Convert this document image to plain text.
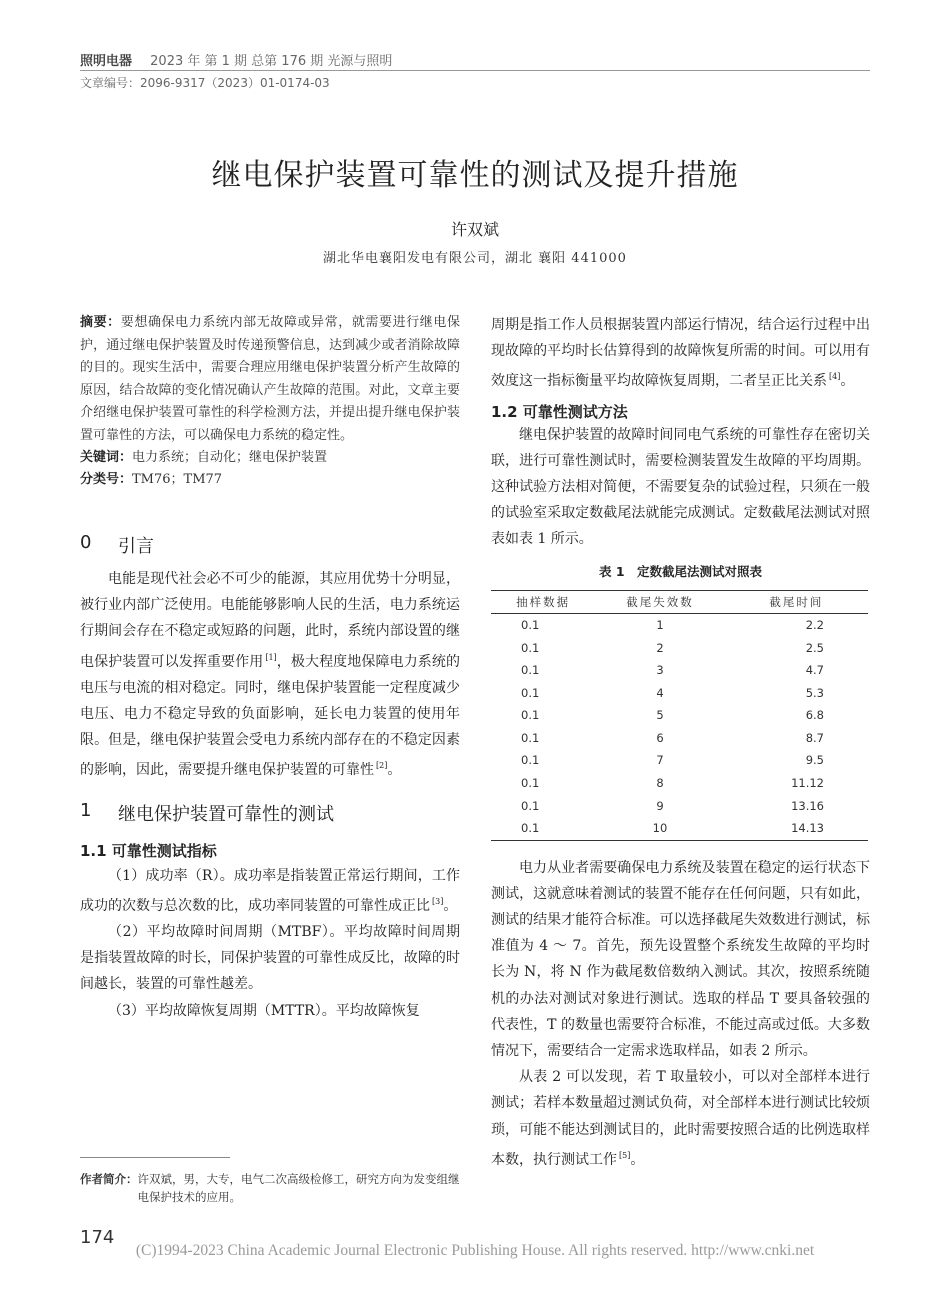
照明电器 2023 年 第 1 期 总第 176 期 光源与照明
文章编号：2096-9317（2023）01-0174-03
继电保护装置可靠性的测试及提升措施
许双斌
湖北华电襄阳发电有限公司，湖北 襄阳 441000
摘要：要想确保电力系统内部无故障或异常，就需要进行继电保护，通过继电保护装置及时传递预警信息，达到减少或者消除故障的目的。现实生活中，需要合理应用继电保护装置分析产生故障的原因，结合故障的变化情况确认产生故障的范围。对此，文章主要介绍继电保护装置可靠性的科学检测方法，并提出提升继电保护装置可靠性的方法，可以确保电力系统的稳定性。
关键词：电力系统；自动化；继电保护装置
分类号：TM76；TM77
0	引言

电能是现代社会必不可少的能源，其应用优势十分明显，被行业内部广泛使用。电能能够影响人民的生活，电力系统运行期间会存在不稳定或短路的问题，此时，系统内部设置的继电保护装置可以发挥重要作用 [1]，极大程度地保障电力系统的电压与电流的相对稳定。同时，继电保护装置能一定程度减少电压、电力不稳定导致的负面影响，延长电力装置的使用年限。但是，继电保护装置会受电力系统内部存在的不稳定因素的影响，因此，需要提升继电保护装置的可靠性 [2]。

1	继电保护装置可靠性的测试
1.1 可靠性测试指标

（1）成功率（R）。成功率是指装置正常运行期间，工作成功的次数与总次数的比，成功率同装置的可靠性成正比 [3]。

（2）平均故障时间周期（MTBF）。平均故障时间周期是指装置故障的时长，同保护装置的可靠性成反比，故障的时间越长，装置的可靠性越差。

（3）平均故障恢复周期（MTTR）。平均故障恢复

作者简介： 许双斌，男，大专，电气二次高级检修工，研究方向为发变组继电保护技术的应用。

周期是指工作人员根据装置内部运行情况，结合运行过程中出现故障的平均时长估算得到的故障恢复所需的时间。可以用有效度这一指标衡量平均故障恢复周期，二者呈正比关系 [4]。

1.2 可靠性测试方法

继电保护装置的故障时间同电气系统的可靠性存在密切关联，进行可靠性测试时，需要检测装置发生故障的平均周期。这种试验方法相对简便，不需要复杂的试验过程，只须在一般的试验室采取定数截尾法就能完成测试。定数截尾法测试对照表如表 1 所示。

表 1　定数截尾法测试对照表
抽样数据	截尾失效数	截尾时间
0.1	1	2.2
0.1	2	2.5
0.1	3	4.7
0.1	4	5.3
0.1	5	6.8
0.1	6	8.7
0.1	7	9.5
0.1	8	11.12
0.1	9	13.16
0.1	10	14.13

电力从业者需要确保电力系统及装置在稳定的运行状态下测试，这就意味着测试的装置不能存在任何问题，只有如此，测试的结果才能符合标准。可以选择截尾失效数进行测试，标准值为 4 ～ 7。首先，预先设置整个系统发生故障的平均时长为 N，将 N 作为截尾数倍数纳入测试。其次，按照系统随机的办法对测试对象进行测试。选取的样品 T 要具备较强的代表性，T 的数量也需要符合标准，不能过高或过低。大多数情况下，需要结合一定需求选取样品，如表 2 所示。

从表 2 可以发现，若 T 取量较小，可以对全部样本进行测试；若样本数量超过测试负荷，对全部样本进行测试比较烦琐，可能不能达到测试目的，此时需要按照合适的比例选取样本数，执行测试工作 [5]。

174
(C)1994-2023 China Academic Journal Electronic Publishing House. All rights reserved. http://www.cnki.net
